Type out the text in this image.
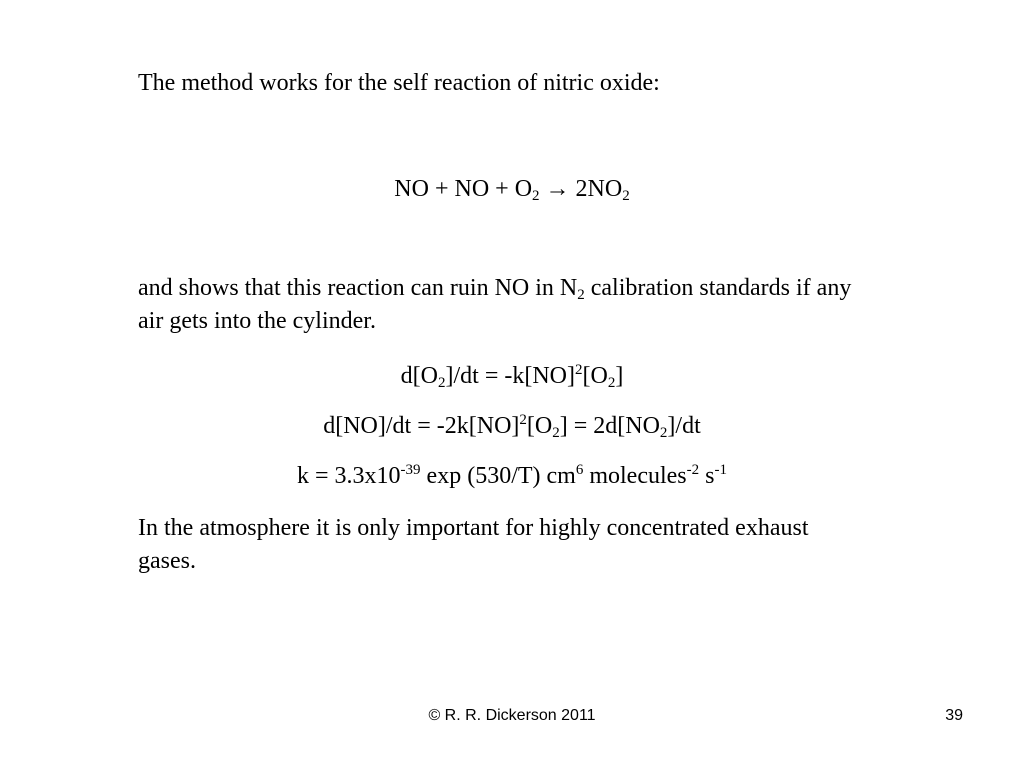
The method works for the self reaction of nitric oxide:

NO + NO + $O_2 \to 2NO_2$

and shows that this reaction can ruin NO in $N_2$ calibration standards if any air gets into the cylinder.

$d[O_2]/dt = -k[NO]^2[O_2]$

$d[NO]/dt = -2k[NO]^2[O_2] = 2d[NO_2]/dt$

$k = 3.3x10^{-39}$ exp (530/T) $cm^6$ molecules$^{-2}$ $s^{-1}$

In the atmosphere it is only important for highly concentrated exhaust gases.

© R. R. Dickerson 2011	39
